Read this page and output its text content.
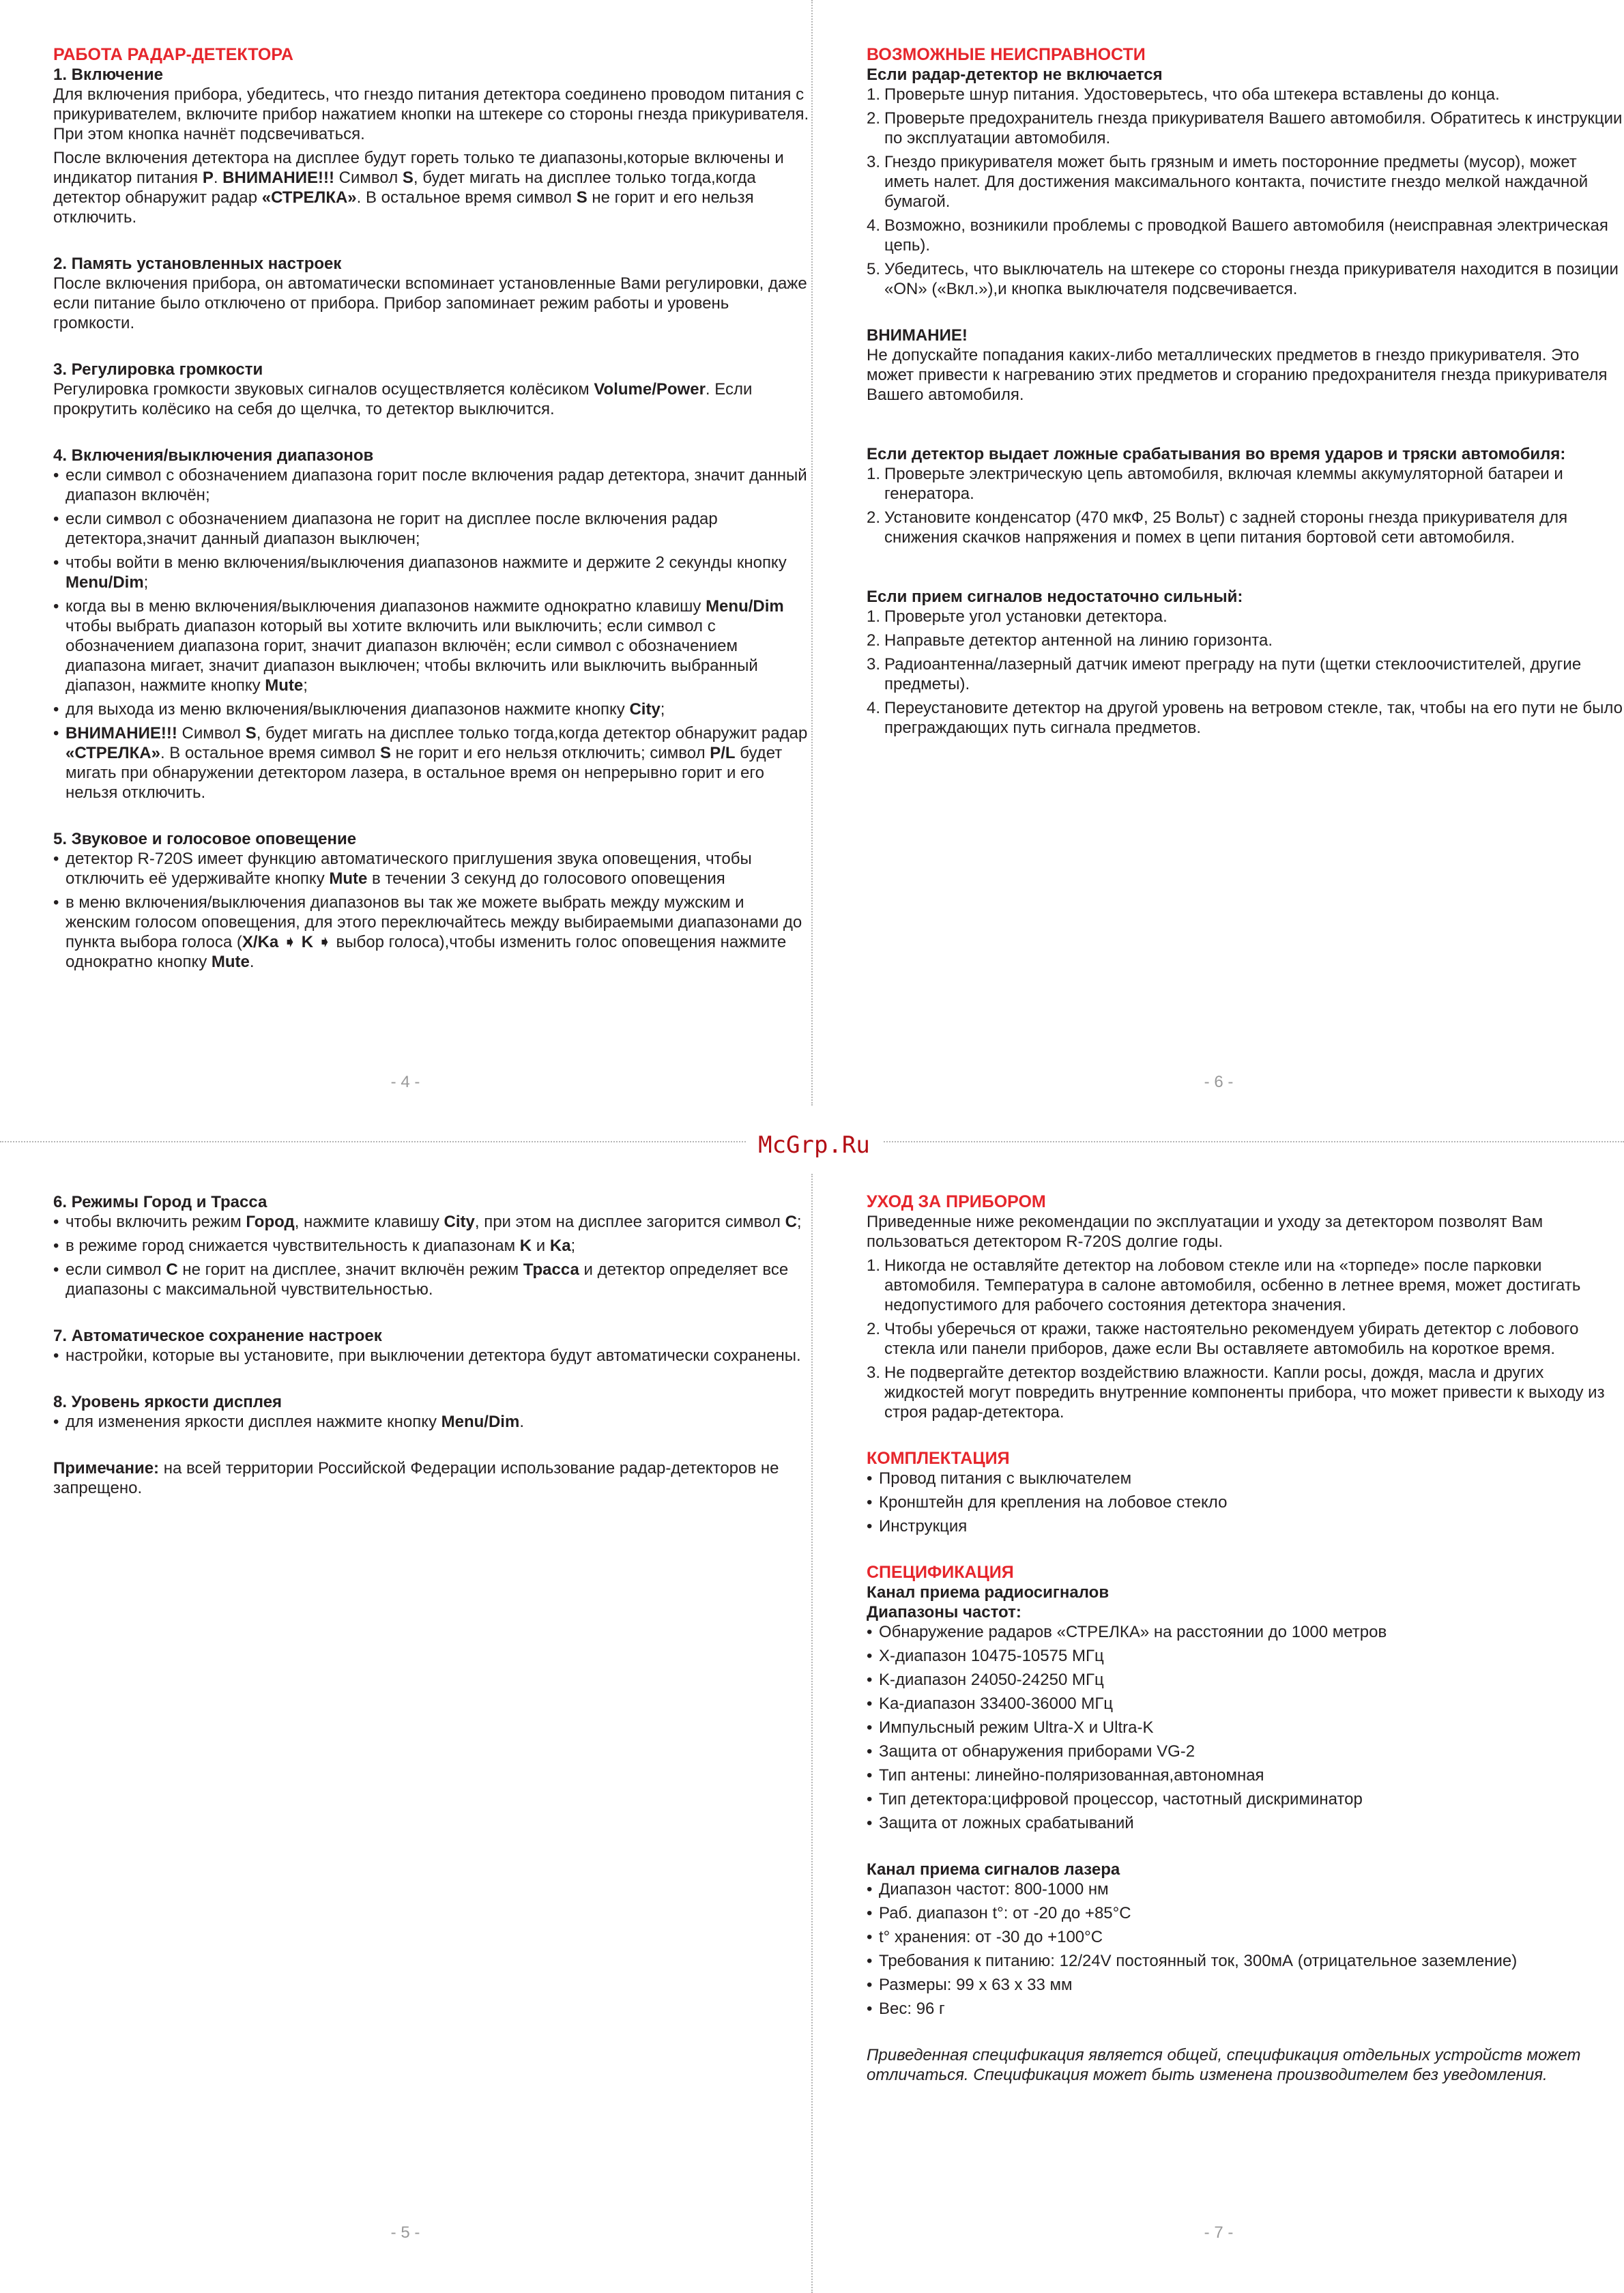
McGrp.Ru

РАБОТА РАДАР-ДЕТЕКТОРА

1. Включение

Для включения прибора, убедитесь, что гнездо питания детектора соединено проводом питания с прикуривателем, включите прибор нажатием кнопки на штекере со стороны гнезда прикуривателя. При этом кнопка начнёт подсвечиваться.

После включения детектора на дисплее будут гореть только те диапазоны,которые включены и индикатор питания P. ВНИМАНИЕ!!! Символ S, будет мигать на дисплее только тогда,когда детектор обнаружит радар «СТРЕЛКА». В остальное время символ S не горит и его нельзя отключить.

2. Память установленных настроек

После включения прибора, он автоматически вспоминает установленные Вами регулировки, даже если питание было отключено от прибора. Прибор запоминает режим работы и уровень громкости.

3. Регулировка громкости

Регулировка громкости звуковых сигналов осуществляется колёсиком Volume/Power. Если прокрутить колёсико на себя до щелчка, то детектор выключится.

4. Включения/выключения диапазонов

• если символ с обозначением диапазона горит после включения радар детектора, значит данный диапазон включён;
• если символ с обозначением диапазона не горит на дисплее после включения радар детектора,значит данный диапазон выключен;
• чтобы войти в меню включения/выключения диапазонов нажмите и держите 2 секунды кнопку Menu/Dim;
• когда вы в меню включения/выключения диапазонов нажмите однократно клавишу Menu/Dim чтобы выбрать диапазон который вы хотите включить или выключить; если символ с обозначением диапазона горит, значит диапазон включён; если символ с обозначением диапазона мигает, значит диапазон выключен; чтобы включить или выключить выбранный діапазон, нажмите кнопку Mute;
• для выхода из меню включения/выключения диапазонов нажмите кнопку City;
• ВНИМАНИЕ!!! Символ S, будет мигать на дисплее только тогда,когда детектор обнаружит радар «СТРЕЛКА». В остальное время символ S не горит и его нельзя отключить; символ P/L будет мигать при обнаружении детектором лазера, в остальное время он непрерывно горит и его нельзя отключить.

5. Звуковое и голосовое оповещение

• детектор R-720S имеет функцию автоматического приглушения звука оповещения, чтобы отключить её удерживайте кнопку Mute в течении 3 секунд до голосового оповещения
• в меню включения/выключения диапазонов вы так же можете выбрать между мужским и женским голосом оповещения, для этого переключайтесь между выбираемыми диапазонами до пункта выбора голоса (X/Ka ➧ K ➧ выбор голоса),чтобы изменить голос оповещения нажмите однократно кнопку Mute.
- 4 -

ВОЗМОЖНЫЕ НЕИСПРАВНОСТИ

Если радар-детектор не включается

1. Проверьте шнур питания. Удостоверьтесь, что оба штекера вставлены до конца.
2. Проверьте предохранитель гнезда прикуривателя Вашего автомобиля. Обратитесь к инструкции по эксплуатации автомобиля.
3. Гнездо прикуривателя может быть грязным и иметь посторонние предметы (мусор), может иметь налет. Для достижения максимального контакта, почистите гнездо мелкой наждачной бумагой.
4. Возможно, возникили проблемы с проводкой Вашего автомобиля (неисправная электрическая цепь).
5. Убедитесь, что выключатель на штекере со стороны гнезда прикуривателя находится в позиции «ON» («Вкл.»),и кнопка выключателя подсвечивается.

ВНИМАНИЕ!

Не допускайте попадания каких-либо металлических предметов в гнездо прикуривателя. Это может привести к нагреванию этих предметов и сгоранию предохранителя гнезда прикуривателя Вашего автомобиля.

Если детектор выдает ложные срабатывания во время ударов и тряски автомобиля:

1. Проверьте электрическую цепь автомобиля, включая клеммы аккумуляторной батареи и генератора.
2. Установите конденсатор (470 мкФ, 25 Вольт) с задней стороны гнезда прикуривателя для снижения скачков напряжения и помех в цепи питания бортовой сети автомобиля.

Если прием сигналов недостаточно сильный:

1. Проверьте угол установки детектора.
2. Направьте детектор антенной на линию горизонта.
3. Радиоантенна/лазерный датчик имеют преграду на пути (щетки стеклоочистителей, другие предметы).
4. Переустановите детектор на другой уровень на ветровом стекле, так, чтобы на его пути не было преграждающих путь сигнала предметов.
- 6 -

6. Режимы Город и Трасса

• чтобы включить режим Город, нажмите клавишу City, при этом на дисплее загорится символ C;
• в режиме город снижается чувствительность к диапазонам K и Ka;
• если символ C не горит на дисплее, значит включён режим Трасса и детектор определяет все диапазоны с максимальной чувствительностью.

7. Автоматическое сохранение настроек

• настройки, которые вы установите, при выключении детектора будут автоматически сохранены.

8. Уровень яркости дисплея

• для изменения яркости дисплея нажмите кнопку Menu/Dim.

Примечание: на всей территории Российской Федерации использование радар-детекторов не запрещено.

- 5 -

УХОД ЗА ПРИБОРОМ

Приведенные ниже рекомендации по эксплуатации и уходу за детектором позволят Вам пользоваться детектором R-720S долгие годы.

1. Никогда не оставляйте детектор на лобовом стекле или на «торпеде» после парковки автомобиля. Температура в салоне автомобиля, осбенно в летнее время, может достигать недопустимого для рабочего состояния детектора значения.
2. Чтобы уберечься от кражи, также настоятельно рекомендуем убирать детектор с лобового стекла или панели приборов, даже если Вы оставляете автомобиль на короткое время.
3. Не подвергайте детектор воздействию влажности. Капли росы, дождя, масла и других жидкостей могут повредить внутренние компоненты прибора, что может привести к выходу из строя радар-детектора.

КОМПЛЕКТАЦИЯ

• Провод питания с выключателем
• Кронштейн для крепления на лобовое стекло
• Инструкция

СПЕЦИФИКАЦИЯ

Канал приема радиосигналов

Диапазоны частот:

• Обнаружение радаров «СТРЕЛКА» на расстоянии до 1000 метров
• X-диапазон 10475-10575 МГц
• K-диапазон 24050-24250 МГц
• Ka-диапазон 33400-36000 МГц
• Импульсный режим Ultra-X и Ultra-K
• Защита от обнаружения приборами VG-2
• Тип антены: линейно-поляризованная,автономная
• Тип детектора:цифровой процессор, частотный дискриминатор
• Защита от ложных срабатываний

Канал приема сигналов лазера

• Диапазон частот: 800-1000 нм
• Раб. диапазон t°: от -20 до +85°С
• t° хранения: от -30 до +100°С
• Требования к питанию: 12/24V постоянный ток, 300мА (отрицательное заземление)
• Размеры: 99 x 63 x 33 мм
• Вес: 96 г

Приведенная спецификация является общей, спецификация отдельных устройств может отличаться. Спецификация может быть изменена производителем без уведомления.

- 7 -
